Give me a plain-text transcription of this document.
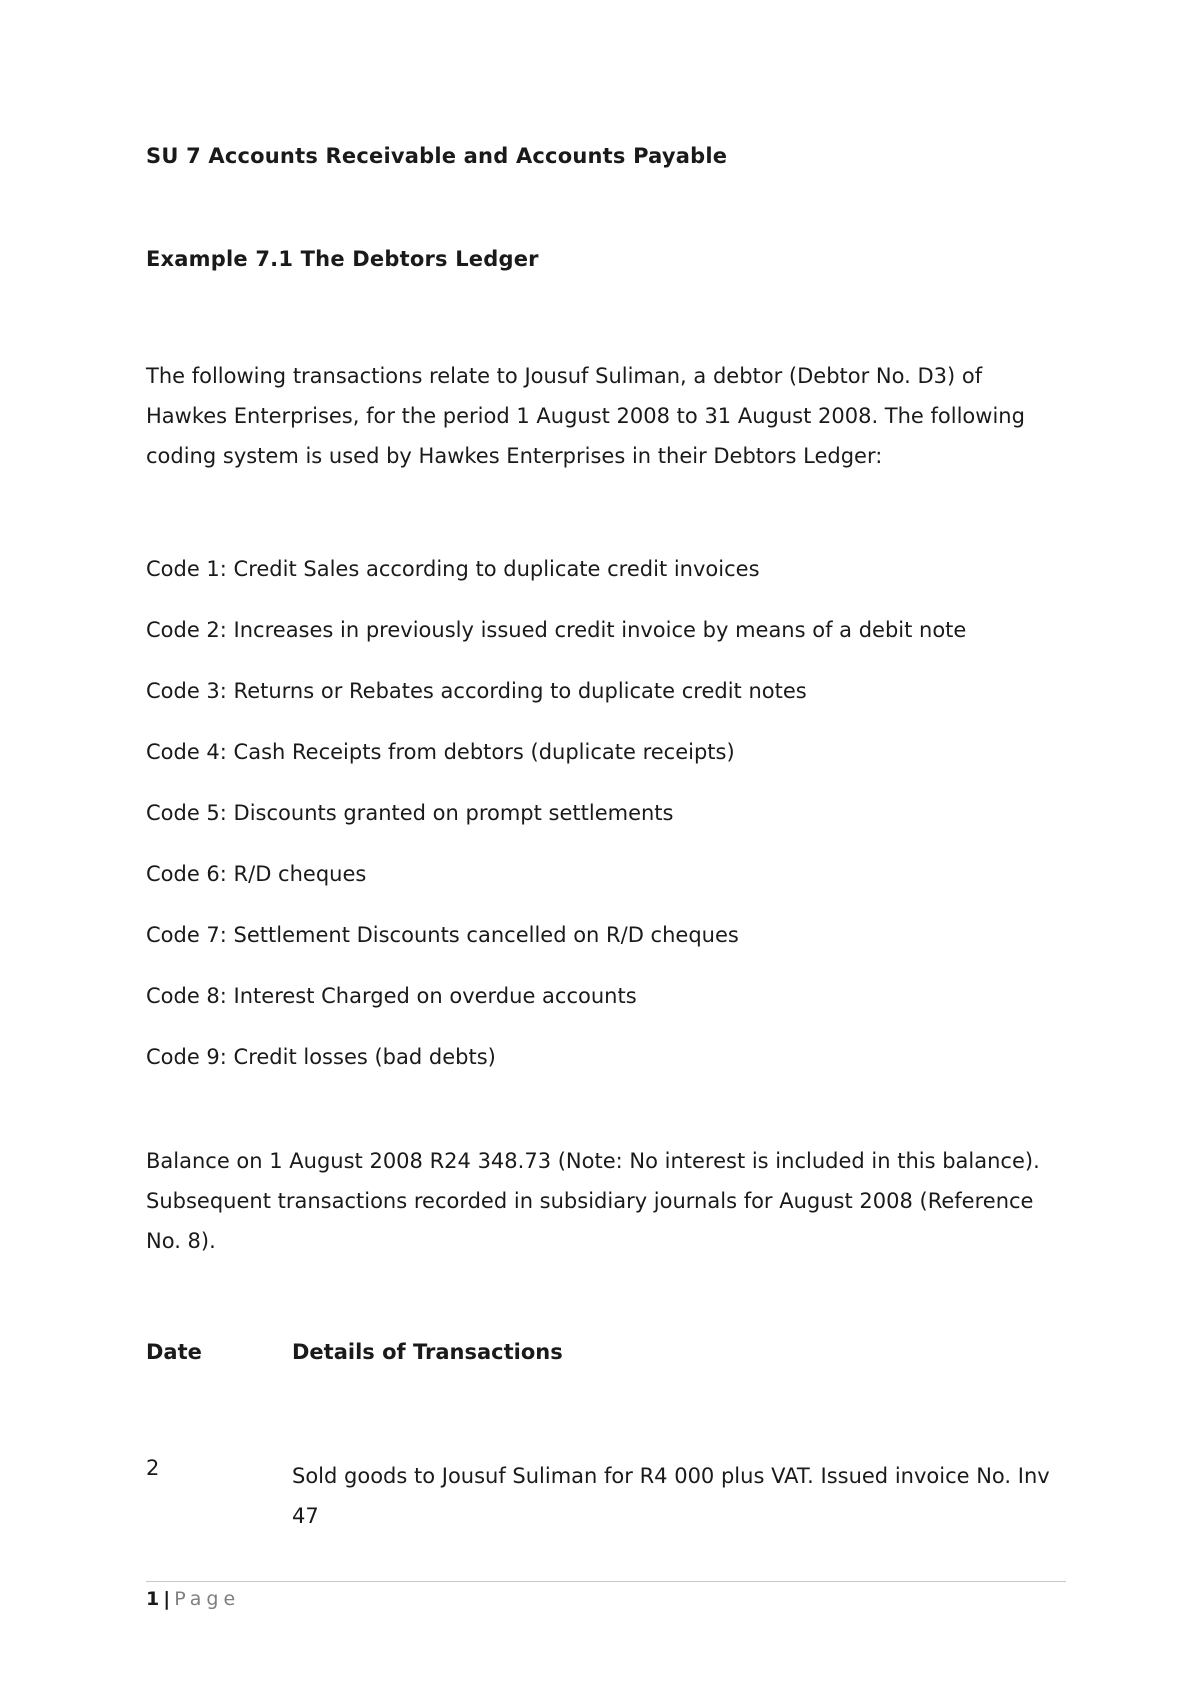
SU 7 Accounts Receivable and Accounts Payable
Example 7.1 The Debtors Ledger
The following transactions relate to Jousuf Suliman, a debtor (Debtor No. D3) of Hawkes Enterprises, for the period 1 August 2008 to 31 August 2008. The following coding system is used by Hawkes Enterprises in their Debtors Ledger:
Code 1: Credit Sales according to duplicate credit invoices
Code 2: Increases in previously issued credit invoice by means of a debit note
Code 3: Returns or Rebates according to duplicate credit notes
Code 4: Cash Receipts from debtors (duplicate receipts)
Code 5: Discounts granted on prompt settlements
Code 6: R/D cheques
Code 7: Settlement Discounts cancelled on R/D cheques
Code 8: Interest Charged on overdue accounts
Code 9: Credit losses (bad debts)
Balance on 1 August 2008 R24 348.73 (Note: No interest is included in this balance). Subsequent transactions recorded in subsidiary journals for August 2008 (Reference No. 8).
Date	Details of Transactions
2	Sold goods to Jousuf Suliman for R4 000 plus VAT. Issued invoice No. Inv 47
1 | Page
